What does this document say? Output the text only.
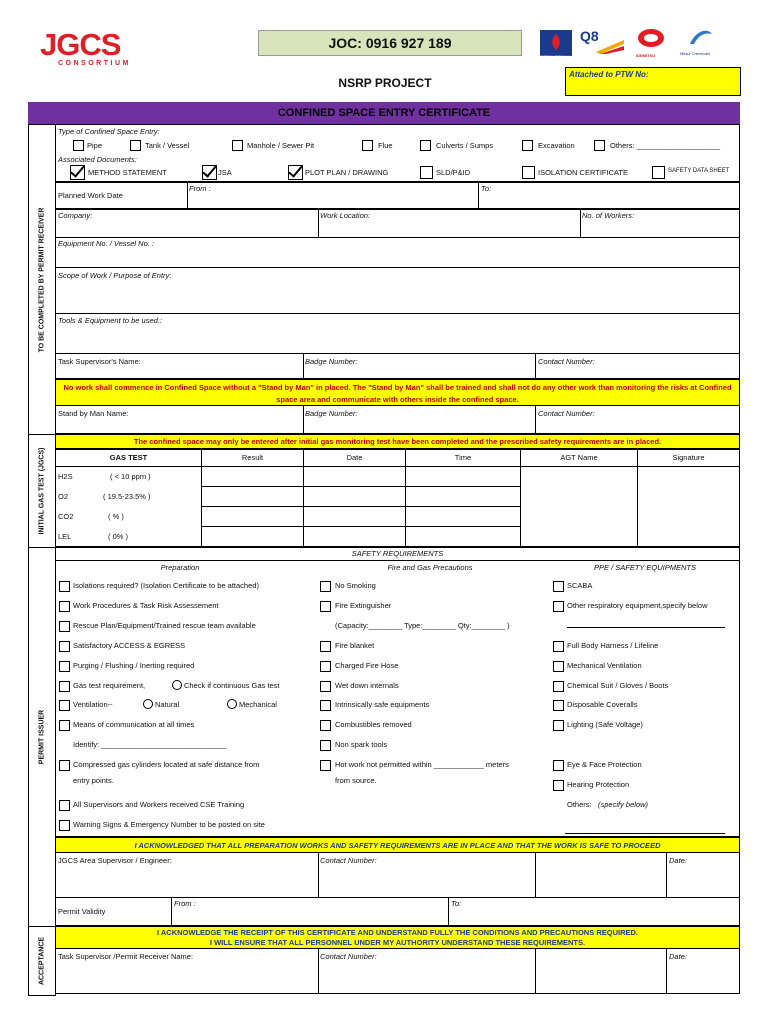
JGCS
CONSORTIUM
JOC: 0916 927 189
PETROVIETNAM
Q8
IDEMITSU	Mitsui Chemicals
NSRP PROJECT
Attached to PTW No:
CONFINED SPACE ENTRY CERTIFICATE
TO BE COMPLETED BY PERMIT RECEIVER
INITIAL GAS TEST (JGCS)
PERMIT ISSUER
ACCEPTANCE
Type of Confined Space Entry:
Pipe	Tank / Vessel	Manhole / Sewer Pit	Flue	Culverts / Sumps	Excavation	Others: ____________________
Associated Documents:
METHOD STATEMENT	JSA	PLOT PLAN / DRAWING	SLD/P&ID	ISOLATION CERTIFICATE	SAFETY DATA SHEET
Planned Work Date
From :	To:
Company:	Work Location:	No. of Workers:
Equipment No. / Vessel No. :
Scope of Work / Purpose of Entry:
Tools & Equipment to be used.:
Task Supervisor's Name:	Badge Number:	Contact Number:
No work shall commence in Confined Space without a "Stand by Man" in placed. The "Stand by Man" shall be trained and shall not do any other work than monitoring the risks at Confined space area and communicate with others inside the confined space.
Stand by Man Name:	Badge Number:	Contact Number:
The confined space may only be entered after initial gas monitoring test have been completed and the prescribed safety requirements are in placed.
GAS TEST	Result	Date	Time	AGT Name	Signature
H2S	( < 10 ppm )
O2	( 19.5-23.5% )
CO2	( % )
LEL	( 0% )
SAFETY REQUIREMENTS
Preparation	Fire and Gas Precautions	PPE / SAFETY EQUIPMENTS
Isolations required? (Isolation Certificate to be attached)
Work Procedures & Task Risk Assessement
Rescue Plan/Equipment/Trained rescue team available
Satisfactory ACCESS & EGRESS
Purging / Flushing / Inerting required
Gas test requirement,	Check if continuous Gas test
Ventilation--	Natural	Mechanical
Means of communication at all times
Identify: ______________________________
Compressed gas cylinders located at safe distance from
entry points.
All Supervisors and Workers received CSE Training
Warning Signs & Emergency Number to be posted on site
No Smoking
Fire Extinguisher
(Capacity:________ Type:________ Qty:________ )
Fire blanket
Charged Fire Hose
Wet down internals
Intrinsically safe equipments
Combustibles removed
Non spark tools
Hot work not permitted within ____________ meters
from source.
SCABA
Other respiratory equipment,specify below
Full Body Harness / Lifeline
Mechanical Ventilation
Chemical Suit / Gloves / Boots
Disposable Coveralls
Lighting (Safe Voltage)
Eye & Face Protection
Hearing Protection
Others: (specify below)
I ACKNOWLEDGED THAT ALL PREPARATION WORKS AND SAFETY REQUIREMENTS ARE IN PLACE AND THAT THE WORK IS SAFE TO PROCEED
JGCS Area Supervisor / Engineer:	Contact Number:	Date:
Permit Validity
From :	To:
I ACKNOWLEDGE THE RECEIPT OF THIS CERTIFICATE AND UNDERSTAND FULLY THE CONDITIONS AND PRECAUTIONS REQUIRED.
I WILL ENSURE THAT ALL PERSONNEL UNDER MY AUTHORITY UNDERSTAND THESE REQUIREMENTS.
Task Supervisor /Permit Receiver Name:	Contact Number:	Date:
